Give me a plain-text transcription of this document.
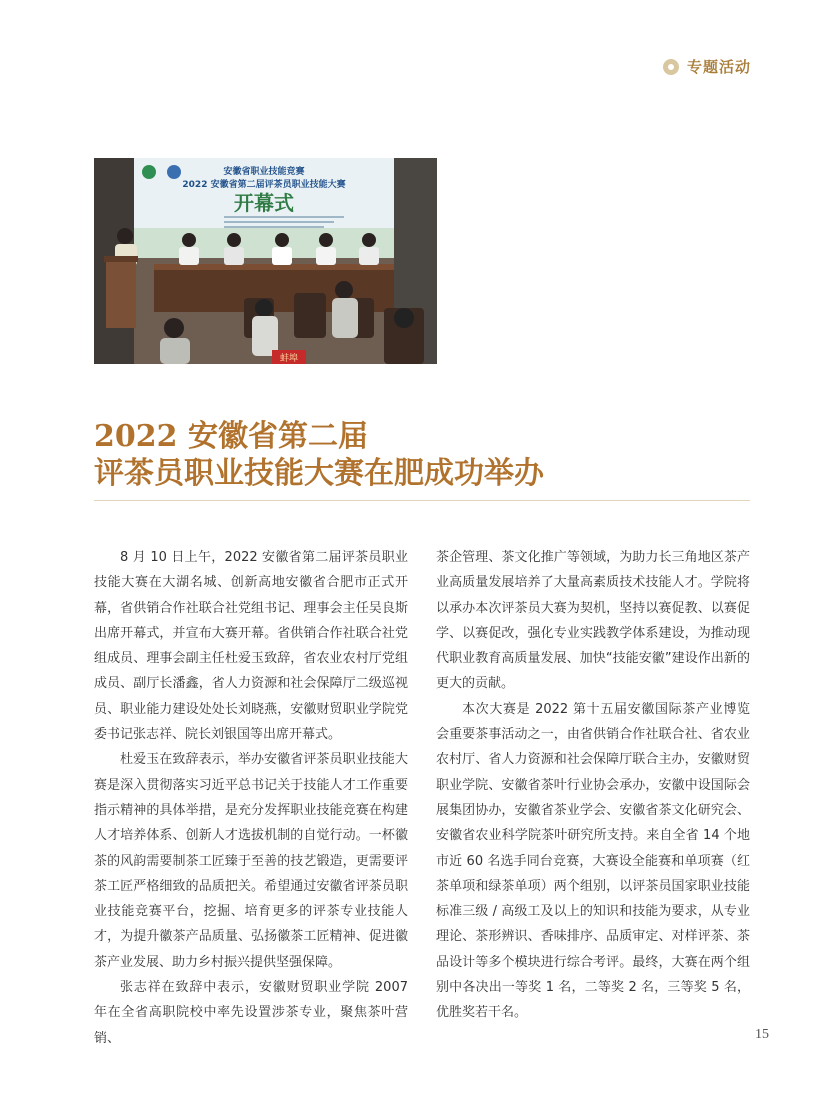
专题活动
安徽省职业技能竞赛
2022 安徽省第二届评茶员职业技能大赛
开幕式
蚌埠
2022 安徽省第二届
评茶员职业技能大赛在肥成功举办

8 月 10 日上午，2022 安徽省第二届评茶员职业技能大赛在大湖名城、创新高地安徽省合肥市正式开幕，省供销合作社联合社党组书记、理事会主任吴良斯出席开幕式，并宣布大赛开幕。省供销合作社联合社党组成员、理事会副主任杜爱玉致辞，省农业农村厅党组成员、副厅长潘鑫，省人力资源和社会保障厅二级巡视员、职业能力建设处处长刘晓燕，安徽财贸职业学院党委书记张志祥、院长刘银国等出席开幕式。

杜爱玉在致辞表示，举办安徽省评茶员职业技能大赛是深入贯彻落实习近平总书记关于技能人才工作重要指示精神的具体举措，是充分发挥职业技能竞赛在构建人才培养体系、创新人才选拔机制的自觉行动。一杯徽茶的风韵需要制茶工匠臻于至善的技艺锻造，更需要评茶工匠严格细致的品质把关。希望通过安徽省评茶员职业技能竞赛平台，挖掘、培育更多的评茶专业技能人才，为提升徽茶产品质量、弘扬徽茶工匠精神、促进徽茶产业发展、助力乡村振兴提供坚强保障。

张志祥在致辞中表示，安徽财贸职业学院 2007 年在全省高职院校中率先设置涉茶专业，聚焦茶叶营销、

茶企管理、茶文化推广等领域，为助力长三角地区茶产业高质量发展培养了大量高素质技术技能人才。学院将以承办本次评茶员大赛为契机，坚持以赛促教、以赛促学、以赛促改，强化专业实践教学体系建设，为推动现代职业教育高质量发展、加快“技能安徽”建设作出新的更大的贡献。

本次大赛是 2022 第十五届安徽国际茶产业博览会重要茶事活动之一，由省供销合作社联合社、省农业农村厅、省人力资源和社会保障厅联合主办，安徽财贸职业学院、安徽省茶叶行业协会承办，安徽中设国际会展集团协办，安徽省茶业学会、安徽省茶文化研究会、安徽省农业科学院茶叶研究所支持。来自全省 14 个地市近 60 名选手同台竞赛，大赛设全能赛和单项赛（红茶单项和绿茶单项）两个组别，以评茶员国家职业技能标准三级 / 高级工及以上的知识和技能为要求，从专业理论、茶形辨识、香味排序、品质审定、对样评茶、茶品设计等多个模块进行综合考评。最终，大赛在两个组别中各决出一等奖 1 名，二等奖 2 名，三等奖 5 名，优胜奖若干名。

15
